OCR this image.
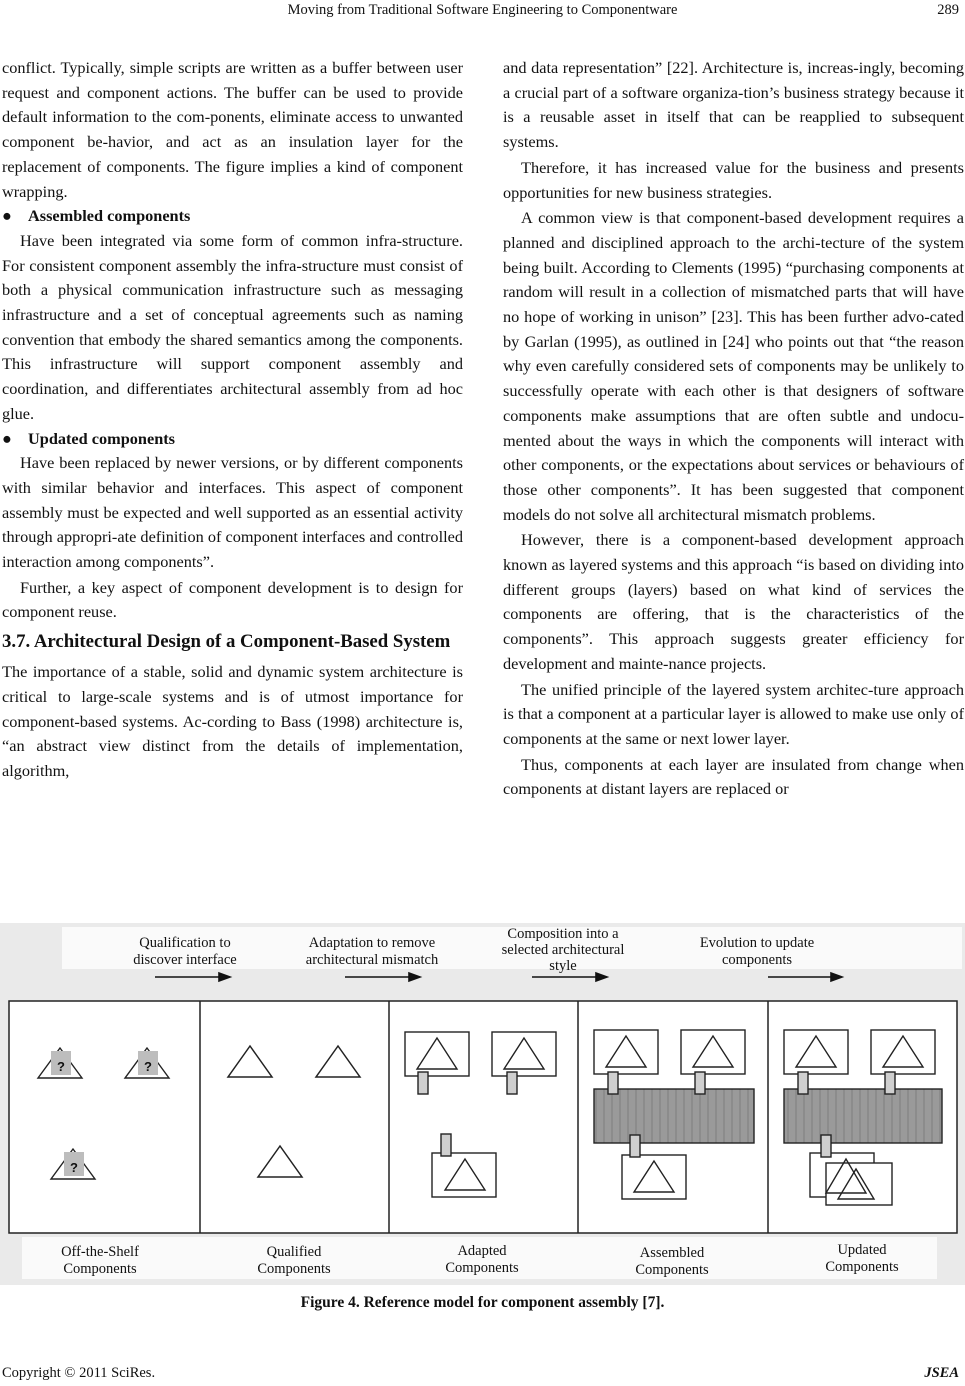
Moving from Traditional Software Engineering to Componentware	289

conflict. Typically, simple scripts are written as a buffer between user request and component actions. The buffer can be used to provide default information to the com-ponents, eliminate access to unwanted component be-havior, and act as an insulation layer for the replacement of components. The figure implies a kind of component wrapping.

● Assembled components

Have been integrated via some form of common infra-structure. For consistent component assembly the infra-structure must consist of both a physical communication infrastructure such as messaging infrastructure and a set of conceptual agreements such as naming convention that embody the shared semantics among the components. This infrastructure will support component assembly and coordination, and differentiates architectural assembly from ad hoc glue.

● Updated components

Have been replaced by newer versions, or by different components with similar behavior and interfaces. This aspect of component assembly must be expected and well supported as an essential activity through appropri-ate definition of component interfaces and controlled interaction among components”.

Further, a key aspect of component development is to design for component reuse.

3.7. Architectural Design of a Component-Based System

The importance of a stable, solid and dynamic system architecture is critical to large-scale systems and is of utmost importance for component-based systems. Ac-cording to Bass (1998) architecture is, “an abstract view distinct from the details of implementation, algorithm,

and data representation” [22]. Architecture is, increas-ingly, becoming a crucial part of a software organiza-tion’s business strategy because it is a reusable asset in itself that can be reapplied to subsequent systems.

Therefore, it has increased value for the business and presents opportunities for new business strategies.

A common view is that component-based development requires a planned and disciplined approach to the archi-tecture of the system being built. According to Clements (1995) “purchasing components at random will result in a collection of mismatched parts that will have no hope of working in unison” [23]. This has been further advo-cated by Garlan (1995), as outlined in [24] who points out that “the reason why even carefully considered sets of components may be unlikely to successfully operate with each other is that designers of software components make assumptions that are often subtle and undocu-mented about the ways in which the components will interact with other components, or the expectations about services or behaviours of those other components”. It has been suggested that component models do not solve all architectural mismatch problems.

However, there is a component-based development approach known as layered systems and this approach “is based on dividing into different groups (layers) based on what kind of services the components are offering, that is the characteristics of the components”. This approach suggests greater efficiency for development and mainte-nance projects.

The unified principle of the layered system architec-ture approach is that a component at a particular layer is allowed to make use only of components at the same or next lower layer.

Thus, components at each layer are insulated from change when components at distant layers are replaced or

Qualification to
discover interface
Adaptation to remove
architectural mismatch
Composition into a
selected architectural
style
Evolution to update
components
?	?
?
Off-the-Shelf
Components
Qualified
Components
Adapted
Components
Assembled
Components
Updated
Components
Figure 4. Reference model for component assembly [7].
Copyright © 2011 SciRes.	JSEA
